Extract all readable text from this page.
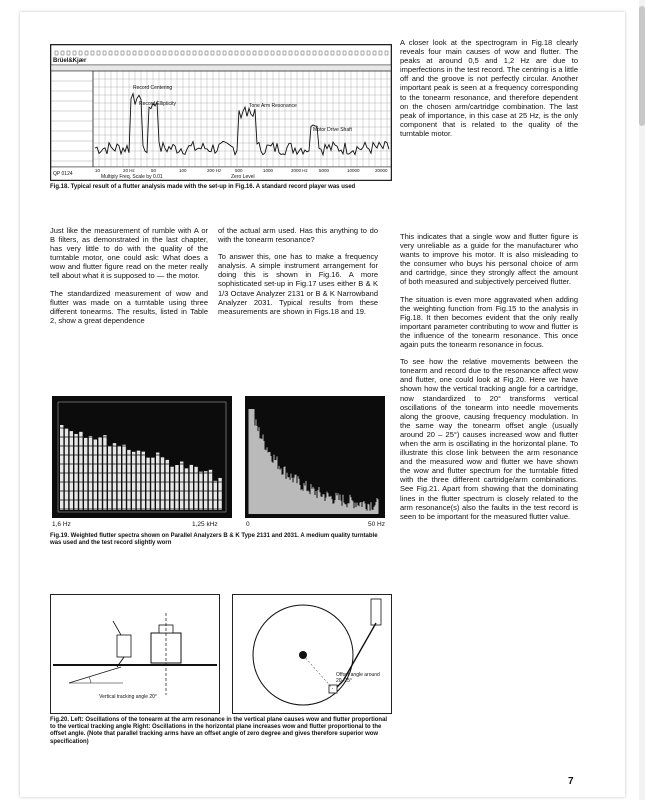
Brüel&Kjær
Record Centering
Record Ellipticity	Tone Arm Resonance
Motor Drive Shaft
QP 0124	Multiply Freq. Scale by 0.01	Zero Level
10	20 Hz	50	100	200 Hz	500	1000	2000 Hz 5000	10000	20000
Fig.18. Typical result of a flutter analysis made with the set-up in Fig.16. A standard record player was used
A closer look at the spectrogram in Fig.18 clearly reveals four main causes of wow and flutter. The peaks at around 0,5 and 1,2 Hz are due to imperfections in the test record. The centring is a little off and the groove is not perfectly circular. Another important peak is seen at a frequency corresponding to the tonearm resonance, and therefore dependent on the chosen arm/cartridge combination. The last peak of importance, in this case at 25 Hz, is the only component that is related to the quality of the turntable motor.

Just like the measurement of rumble with A or B filters, as demonstrated in the last chapter, has very little to do with the quality of the turntable motor, one could ask: What does a wow and flutter figure read on the meter really tell about what it is supposed to — the motor.

The standardized measurement of wow and flutter was made on a turntable using three different tonearms. The results, listed in Table 2, show a great dependence

of the actual arm used. Has this anything to do with the tonearm resonance?

To answer this, one has to make a frequency analysis. A simple instrument arrangement for doing this is shown in Fig.16. A more sophisticated set-up in Fig.17 uses either B & K 1/3 Octave Analyzer 2131 or B & K Narrowband Analyzer 2031. Typical results from these measurements are shown in Figs.18 and 19.

This indicates that a single wow and flutter figure is very unreliable as a guide for the manufacturer who wants to improve his motor. It is also misleading to the consumer who buys his personal choice of arm and cartridge, since they strongly affect the amount of both measured and subjectively perceived flutter.

The situation is even more aggravated when adding the weighting function from Fig.15 to the analysis in Fig.18. It then becomes evident that the only really important parameter contributing to wow and flutter is the influence of the tonearm resonance. This once again puts the tonearm resonance in focus.

To see how the relative movements between the tonearm and record due to the resonance affect wow and flutter, one could look at Fig.20. Here we have shown how the vertical tracking angle for a cartridge, now standardized to 20° transforms vertical oscillations of the tonearm into needle movements along the groove, causing frequency modulation. In the same way the tonearm offset angle (usually around 20 – 25°) causes increased wow and flutter when the arm is oscillating in the horizontal plane. To illustrate this close link between the arm resonance and the measured wow and flutter we have shown the wow and flutter spectrum for the turntable fitted with the three different cartridge/arm combinations. See Fig.21. Apart from showing that the dominating lines in the flutter spectrum is closely related to the arm resonance(s) also the faults in the test record is seen to be important for the measured flutter value.

1,6 Hz	1,25 kHz	0	50 Hz
Fig.19. Weighted flutter spectra shown on Parallel Analyzers B & K Type 2131 and 2031. A medium quality turntable was used and the test record slightly worn
Vertical tracking angle 20°
Offset angle around 20–25°
Fig.20. Left: Oscillations of the tonearm at the arm resonance in the vertical plane causes wow and flutter proportional to the vertical tracking angle Right: Oscillations in the horizontal plane increases wow and flutter proportional to the offset angle. (Note that parallel tracking arms have an offset angle of zero degree and gives therefore superior wow specification)
7
